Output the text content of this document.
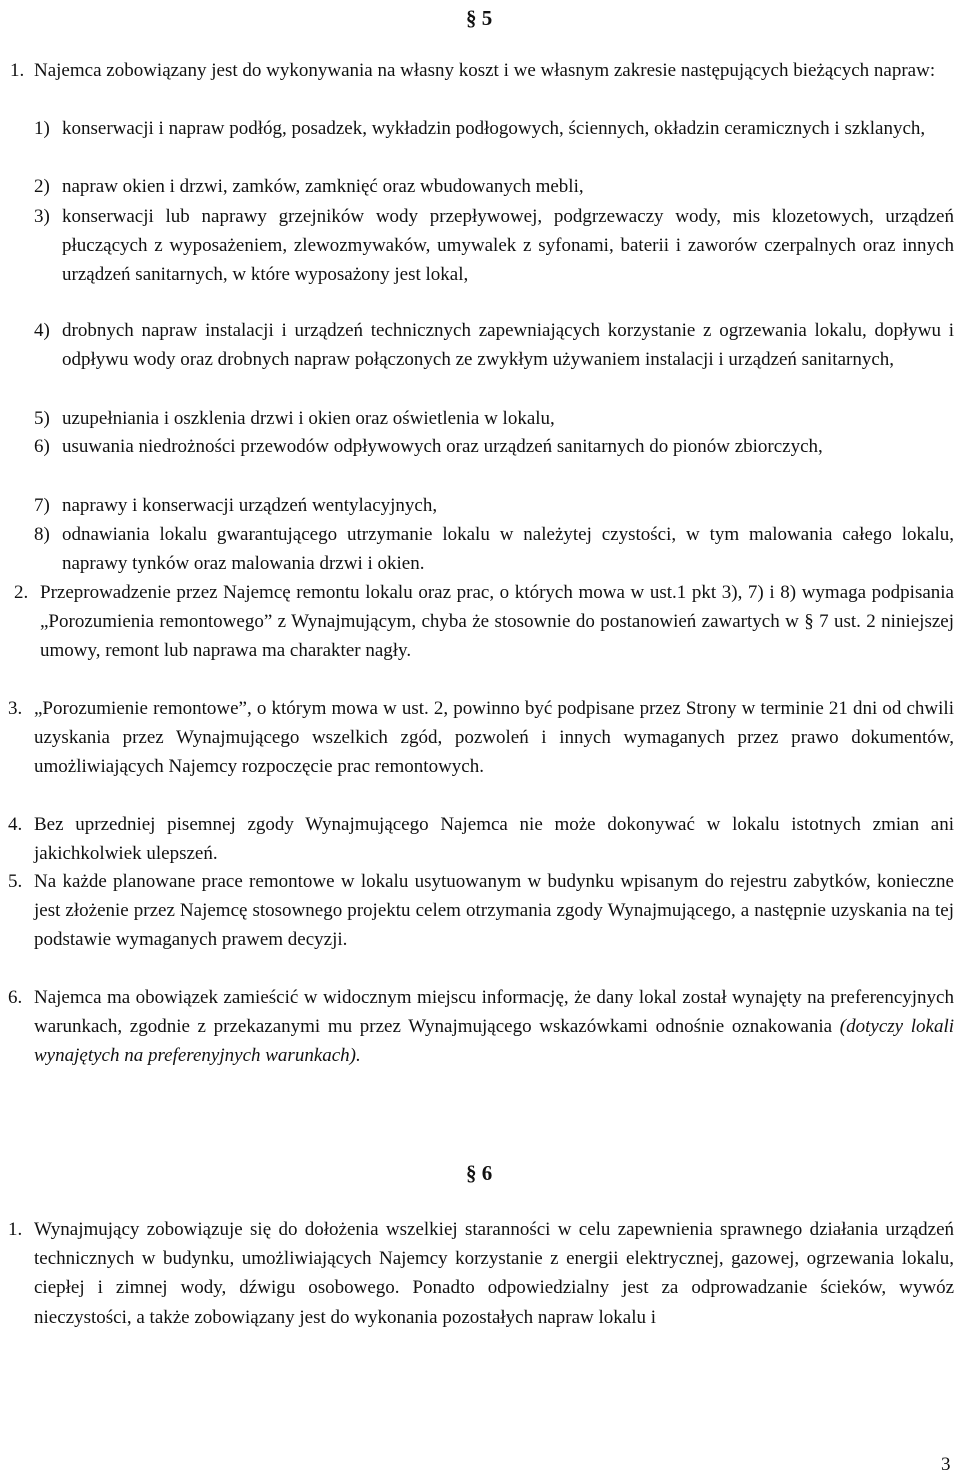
§ 5
1. Najemca zobowiązany jest do wykonywania na własny koszt i we własnym zakresie następujących bieżących napraw:
1) konserwacji i napraw podłóg, posadzek, wykładzin podłogowych, ściennych, okładzin ceramicznych i szklanych,
2) napraw okien i drzwi, zamków, zamknięć oraz wbudowanych mebli,
3) konserwacji lub naprawy grzejników wody przepływowej, podgrzewaczy wody, mis klozetowych, urządzeń płuczących z wyposażeniem, zlewozmywaków, umywalek z syfonami, baterii i zaworów czerpalnych oraz innych urządzeń sanitarnych, w które wyposażony jest lokal,
4) drobnych napraw instalacji i urządzeń technicznych zapewniających korzystanie z ogrzewania lokalu, dopływu i odpływu wody oraz drobnych napraw połączonych ze zwykłym używaniem instalacji i urządzeń sanitarnych,
5) uzupełniania i oszklenia drzwi i okien oraz oświetlenia w lokalu,
6) usuwania niedrożności przewodów odpływowych oraz urządzeń sanitarnych do pionów zbiorczych,
7) naprawy i konserwacji urządzeń wentylacyjnych,
8) odnawiania lokalu gwarantującego utrzymanie lokalu w należytej czystości, w tym malowania całego lokalu, naprawy tynków oraz malowania drzwi i okien.
2. Przeprowadzenie przez Najemcę remontu lokalu oraz prac, o których mowa w ust.1 pkt 3), 7) i 8) wymaga podpisania „Porozumienia remontowego” z Wynajmującym, chyba że stosownie do postanowień zawartych w § 7 ust. 2 niniejszej umowy, remont lub naprawa ma charakter nagły.
3. „Porozumienie remontowe”, o którym mowa w ust. 2, powinno być podpisane przez Strony w terminie 21 dni od chwili uzyskania przez Wynajmującego wszelkich zgód, pozwoleń i innych wymaganych przez prawo dokumentów, umożliwiających Najemcy rozpoczęcie prac remontowych.
4. Bez uprzedniej pisemnej zgody Wynajmującego Najemca nie może dokonywać w lokalu istotnych zmian ani jakichkolwiek ulepszeń.
5. Na każde planowane prace remontowe w lokalu usytuowanym w budynku wpisanym do rejestru zabytków, konieczne jest złożenie przez Najemcę stosownego projektu celem otrzymania zgody Wynajmującego, a następnie uzyskania na tej podstawie wymaganych prawem decyzji.
6. Najemca ma obowiązek zamieścić w widocznym miejscu informację, że dany lokal został wynajęty na preferencyjnych warunkach, zgodnie z przekazanymi mu przez Wynajmującego wskazówkami odnośnie oznakowania (dotyczy lokali wynajętych na preferenyjnych warunkach).
§ 6
1. Wynajmujący zobowiązuje się do dołożenia wszelkiej staranności w celu zapewnienia sprawnego działania urządzeń technicznych w budynku, umożliwiających Najemcy korzystanie z energii elektrycznej, gazowej, ogrzewania lokalu, ciepłej i zimnej wody, dźwigu osobowego. Ponadto odpowiedzialny jest za odprowadzanie ścieków, wywóz nieczystości, a także zobowiązany jest do wykonania pozostałych napraw lokalu i
3
